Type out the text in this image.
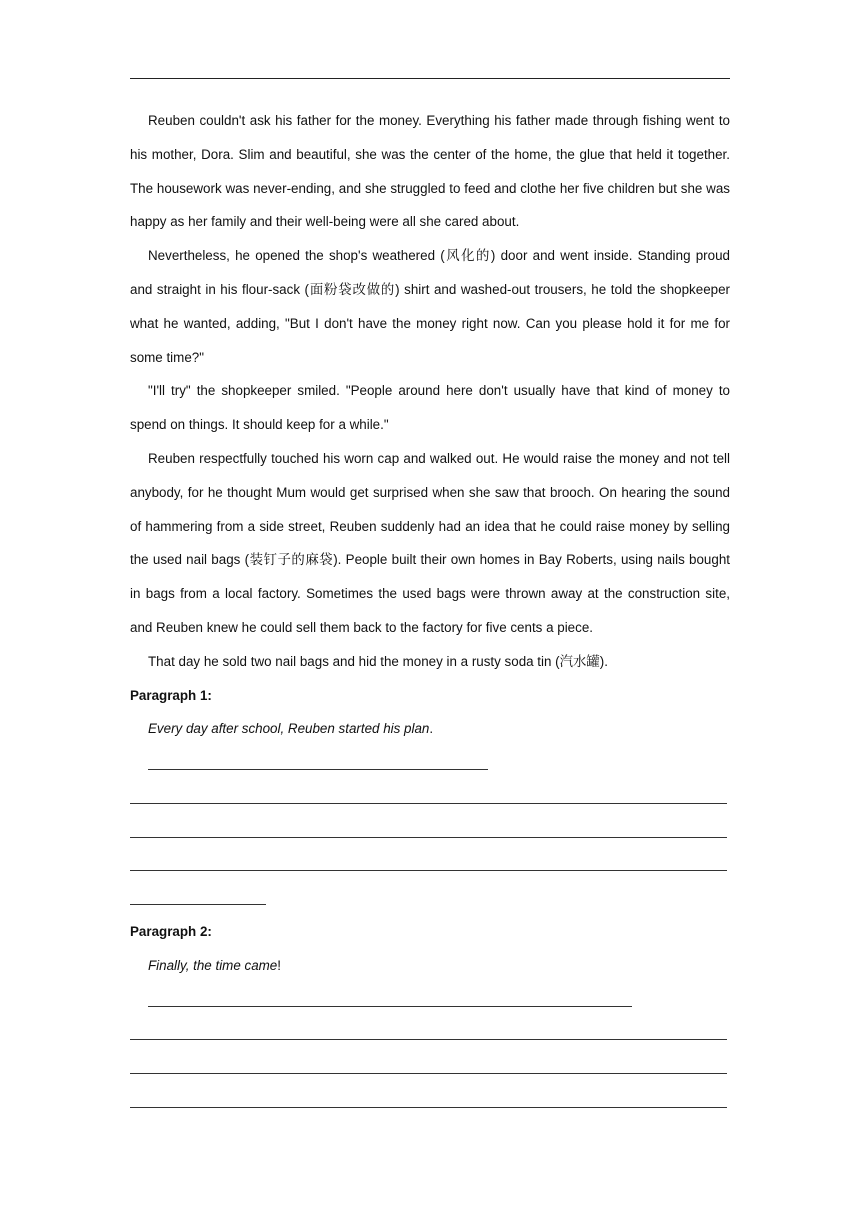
Reuben couldn't ask his father for the money. Everything his father made through fishing went to his mother, Dora. Slim and beautiful, she was the center of the home, the glue that held it together. The housework was never-ending, and she struggled to feed and clothe her five children but she was happy as her family and their well-being were all she cared about.

Nevertheless, he opened the shop's weathered (风化的) door and went inside. Standing proud and straight in his flour-sack (面粉袋改做的) shirt and washed-out trousers, he told the shopkeeper what he wanted, adding, "But I don't have the money right now. Can you please hold it for me for some time?"

"I'll try" the shopkeeper smiled. "People around here don't usually have that kind of money to spend on things. It should keep for a while."

Reuben respectfully touched his worn cap and walked out. He would raise the money and not tell anybody, for he thought Mum would get surprised when she saw that brooch. On hearing the sound of hammering from a side street, Reuben suddenly had an idea that he could raise money by selling the used nail bags (装钉子的麻袋). People built their own homes in Bay Roberts, using nails bought in bags from a local factory. Sometimes the used bags were thrown away at the construction site, and Reuben knew he could sell them back to the factory for five cents a piece.

That day he sold two nail bags and hid the money in a rusty soda tin (汽水罐).

Paragraph 1:

Every day after school, Reuben started his plan.

Paragraph 2:

Finally, the time came!
